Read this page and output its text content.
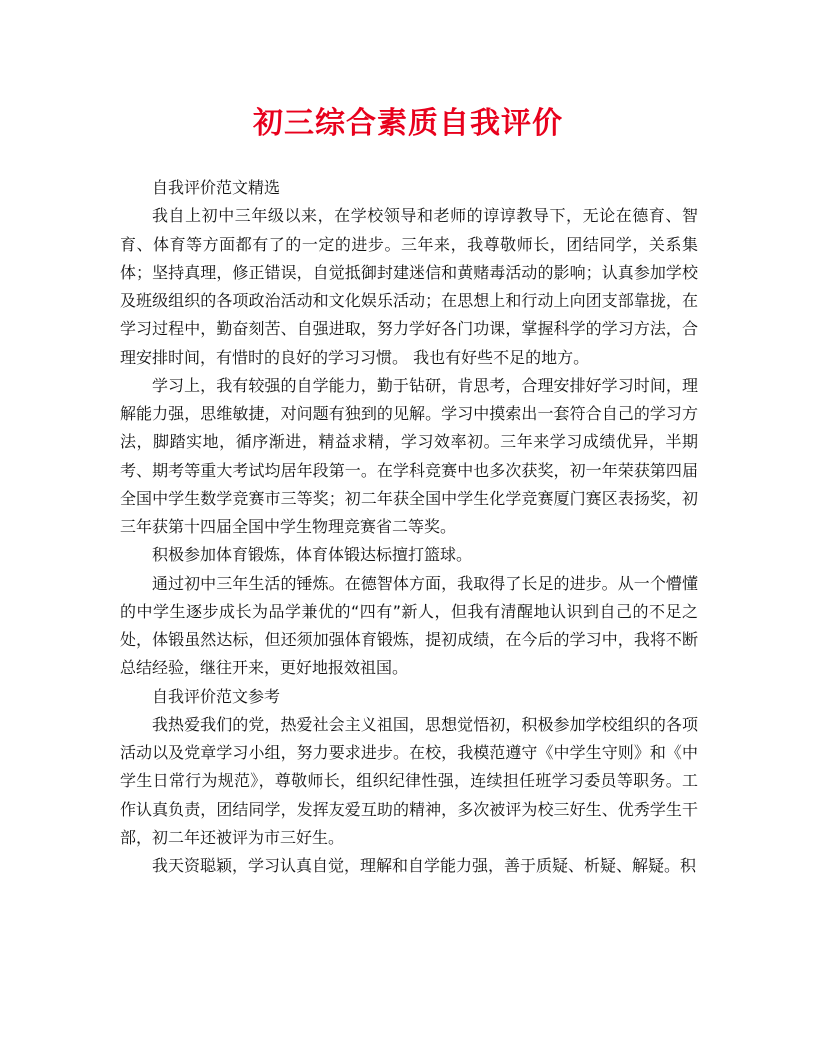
初三综合素质自我评价

自我评价范文精选

我自上初中三年级以来，在学校领导和老师的谆谆教导下，无论在德育、智育、体育等方面都有了的一定的进步。三年来，我尊敬师长，团结同学，关系集体；坚持真理，修正错误，自觉抵御封建迷信和黄赌毒活动的影响；认真参加学校及班级组织的各项政治活动和文化娱乐活动；在思想上和行动上向团支部靠拢，在学习过程中，勤奋刻苦、自强进取，努力学好各门功课，掌握科学的学习方法，合理安排时间，有惜时的良好的学习习惯。 我也有好些不足的地方。

学习上，我有较强的自学能力，勤于钻研，肯思考，合理安排好学习时间，理解能力强，思维敏捷，对问题有独到的见解。学习中摸索出一套符合自己的学习方法，脚踏实地，循序渐进，精益求精，学习效率初。三年来学习成绩优异，半期考、期考等重大考试均居年段第一。在学科竞赛中也多次获奖，初一年荣获第四届全国中学生数学竞赛市三等奖；初二年获全国中学生化学竞赛厦门赛区表扬奖，初三年获第十四届全国中学生物理竞赛省二等奖。

积极参加体育锻炼，体育体锻达标擅打篮球。

通过初中三年生活的锤炼。在德智体方面，我取得了长足的进步。从一个懵懂的中学生逐步成长为品学兼优的“四有”新人，但我有清醒地认识到自己的不足之处，体锻虽然达标，但还须加强体育锻炼，提初成绩，在今后的学习中，我将不断总结经验，继往开来，更好地报效祖国。

自我评价范文参考

我热爱我们的党，热爱社会主义祖国，思想觉悟初，积极参加学校组织的各项活动以及党章学习小组，努力要求进步。在校，我模范遵守《中学生守则》和《中学生日常行为规范》，尊敬师长，组织纪律性强，连续担任班学习委员等职务。工作认真负责，团结同学，发挥友爱互助的精神，多次被评为校三好生、优秀学生干部，初二年还被评为市三好生。

我天资聪颖，学习认真自觉，理解和自学能力强，善于质疑、析疑、解疑。积
